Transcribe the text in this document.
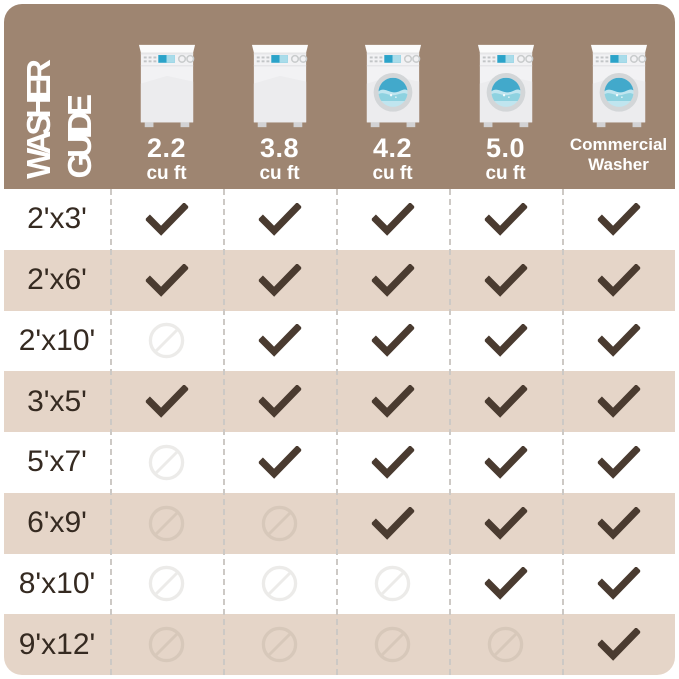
WASHER GUIDE 2.2
cu ft
3.8
cu ft
4.2
cu ft
5.0
cu ft
Commercial
Washer
2'x3'
2'x6'
2'x10'
3'x5'
5'x7'
6'x9'
8'x10'
9'x12'
